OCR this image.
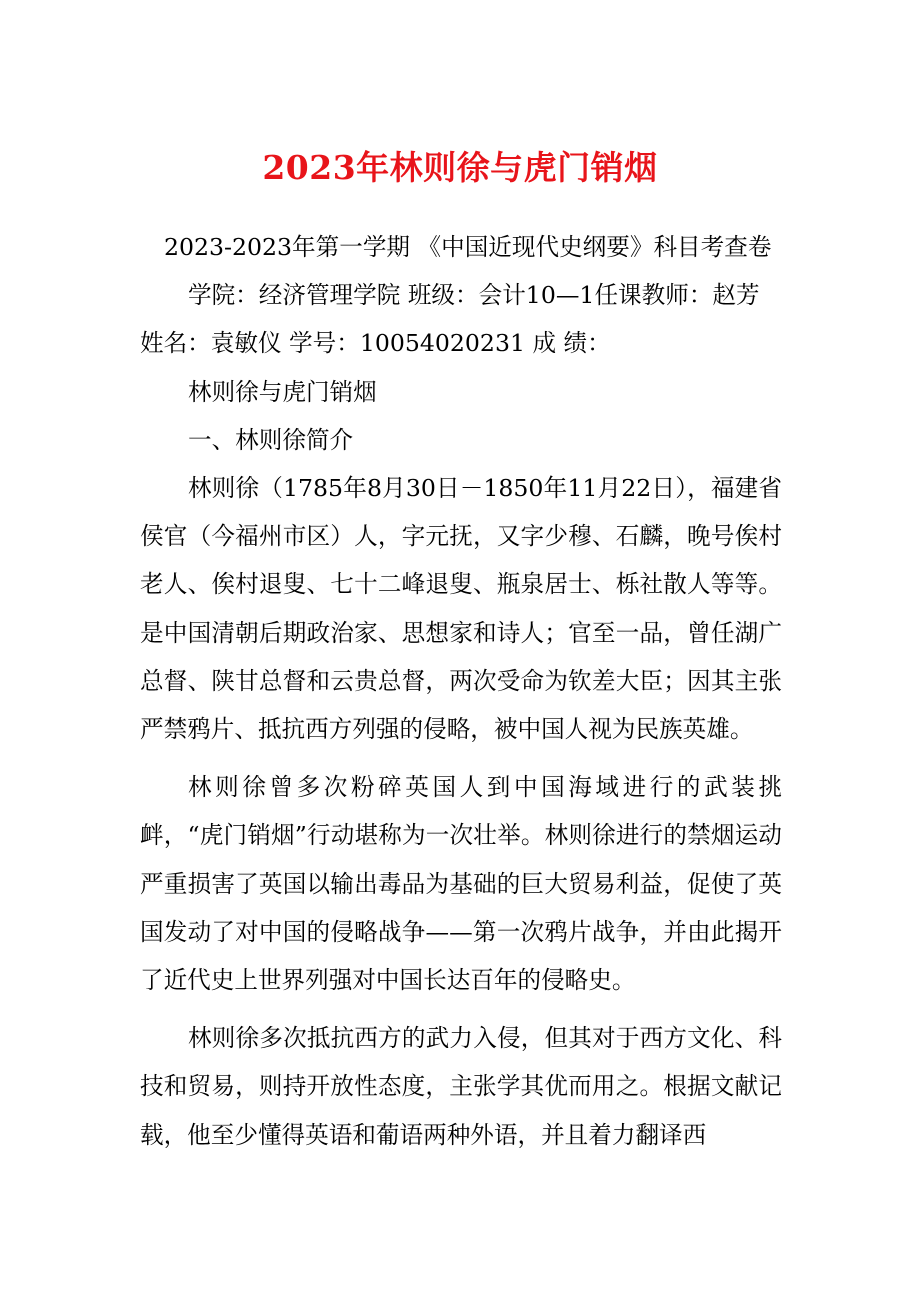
2023年林则徐与虎门销烟
2023-2023年第一学期 《中国近现代史纲要》科目考查卷
学院：经济管理学院 班级：会计10—1任课教师：赵芳
姓名：袁敏仪 学号：10054020231 成 绩：
林则徐与虎门销烟
一、林则徐简介

林则徐（1785年8月30日－1850年11月22日），福建省侯官（今福州市区）人，字元抚，又字少穆、石麟，晚号俟村老人、俟村退叟、七十二峰退叟、瓶泉居士、栎社散人等等。是中国清朝后期政治家、思想家和诗人；官至一品，曾任湖广总督、陕甘总督和云贵总督，两次受命为钦差大臣；因其主张严禁鸦片、抵抗西方列强的侵略，被中国人视为民族英雄。

林则徐曾多次粉碎英国人到中国海域进行的武装挑衅，“虎门销烟”行动堪称为一次壮举。林则徐进行的禁烟运动严重损害了英国以输出毒品为基础的巨大贸易利益，促使了英国发动了对中国的侵略战争——第一次鸦片战争，并由此揭开了近代史上世界列强对中国长达百年的侵略史。

林则徐多次抵抗西方的武力入侵，但其对于西方文化、科技和贸易，则持开放性态度，主张学其优而用之。根据文献记载，他至少懂得英语和葡语两种外语，并且着力翻译西
